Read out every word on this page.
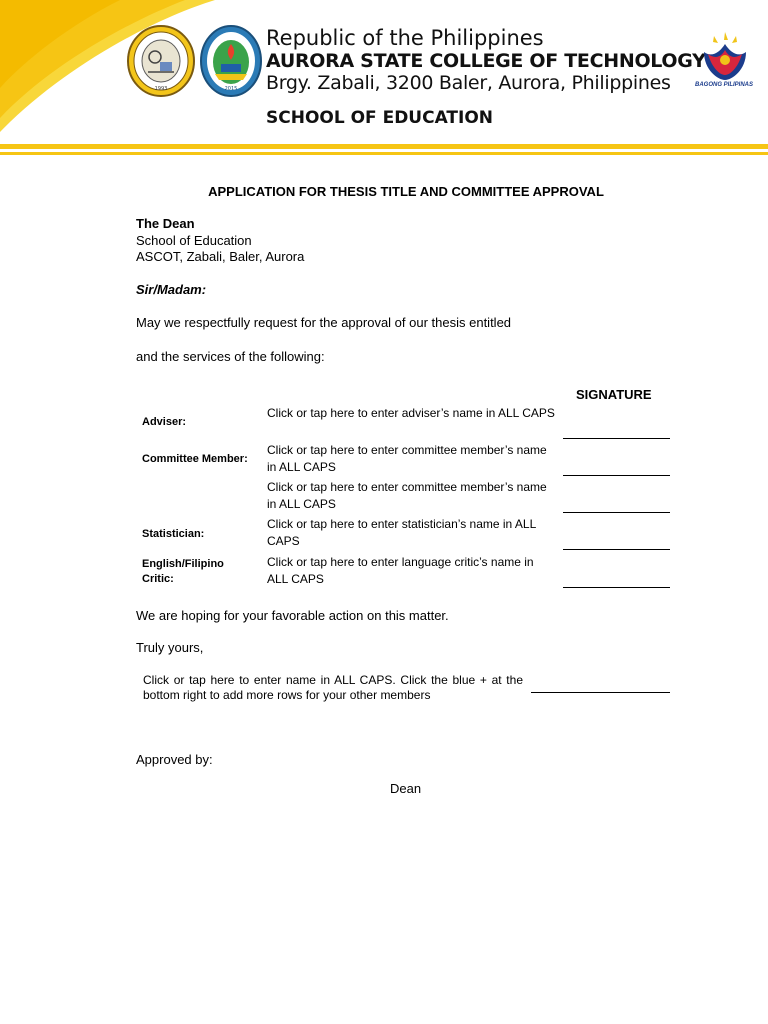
1993	2015
Republic of the Philippines
AURORA STATE COLLEGE OF TECHNOLOGY
Brgy. Zabali, 3200 Baler, Aurora, Philippines
SCHOOL OF EDUCATION
BAGONG PILIPINAS
APPLICATION FOR THESIS TITLE AND COMMITTEE APPROVAL
The Dean
School of Education
ASCOT, Zabali, Baler, Aurora
Sir/Madam:
May we respectfully request for the approval of our thesis entitled
and the services of the following:
SIGNATURE
Adviser:
Click or tap here to enter adviser’s name in ALL CAPS
Committee Member:
Click or tap here to enter committee member’s name in ALL CAPS
Click or tap here to enter committee member’s name in ALL CAPS
Statistician:
Click or tap here to enter statistician’s name in ALL CAPS
English/Filipino Critic:
Click or tap here to enter language critic’s name in ALL CAPS
We are hoping for your favorable action on this matter.
Truly yours,
Click or tap here to enter name in ALL CAPS. Click the blue + at the bottom right to add more rows for your other members
Approved by:
Dean
